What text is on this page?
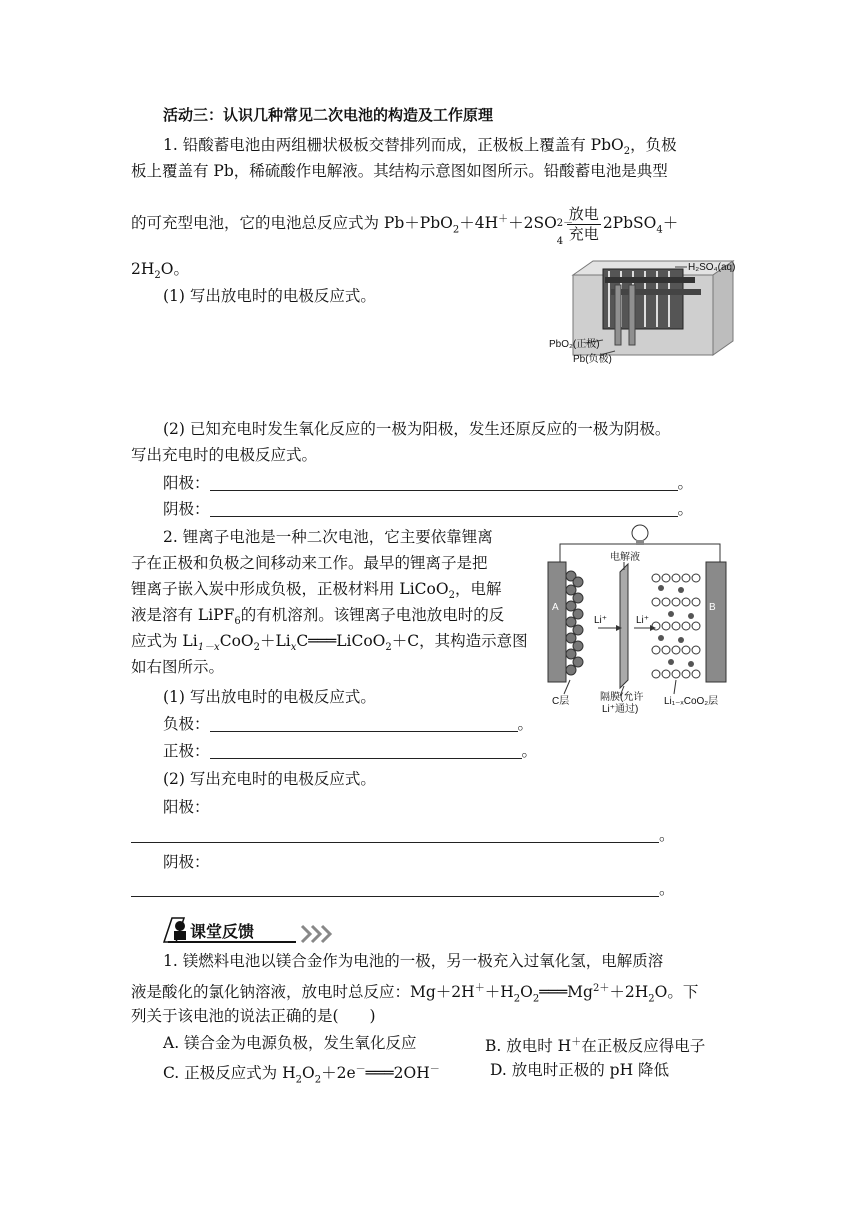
活动三：认识几种常见二次电池的构造及工作原理
1. 铅酸蓄电池由两组栅状极板交替排列而成，正极板上覆盖有 PbO$_2$，负极
板上覆盖有 Pb，稀硫酸作电解液。其结构示意图如图所示。铅酸蓄电池是典型
的可充型电池，它的电池总反应式为 Pb＋PbO$_2$＋4H＋＋2SO 2－
$4 \frac{\text{放电}}{\text{充电}}$ 2PbSO$_4$＋
$2H_2O$。
(1) 写出放电时的电极反应式。
H₂SO₄(aq)
PbO₂(正极)
Pb(负极)
(2) 已知充电时发生氧化反应的一极为阳极，发生还原反应的一极为阴极。
写出充电时的电极反应式。
阳极：	。
阴极：	。
2. 锂离子电池是一种二次电池，它主要依靠锂离
子在正极和负极之间移动来工作。最早的锂离子是把
锂离子嵌入炭中形成负极，正极材料用 LiCoO$_2$，电解
液是溶有 LiPF$_6$的有机溶剂。该锂离子电池放电时的反
应式为 $Li_{1-x}CoO_2+Li_xC═══LiCoO_2+C$，其构造示意图
如右图所示。
(1) 写出放电时的电极反应式。
负极：	。
正极：	。
(2) 写出充电时的电极反应式。
阳极：
。
阴极：
。
A	B
Li⁺	Li⁺
电解液
C层	隔膜(允许
Li⁺通过)
Li₁₋ₓCoO₂层
课堂反馈
1. 镁燃料电池以镁合金作为电池的一极，另一极充入过氧化氢，电解质溶
液是酸化的氯化钠溶液，放电时总反应：$Mg+2H^++H_2O_2═══Mg^{2+}+2H_2O$。下
列关于该电池的说法正确的是(　　)
A. 镁合金为电源负极，发生氧化反应	B. 放电时 H＋在正极反应得电子
C. 正极反应式为 $H_2O_2+2e^-═══2OH^-$	D. 放电时正极的 pH 降低
